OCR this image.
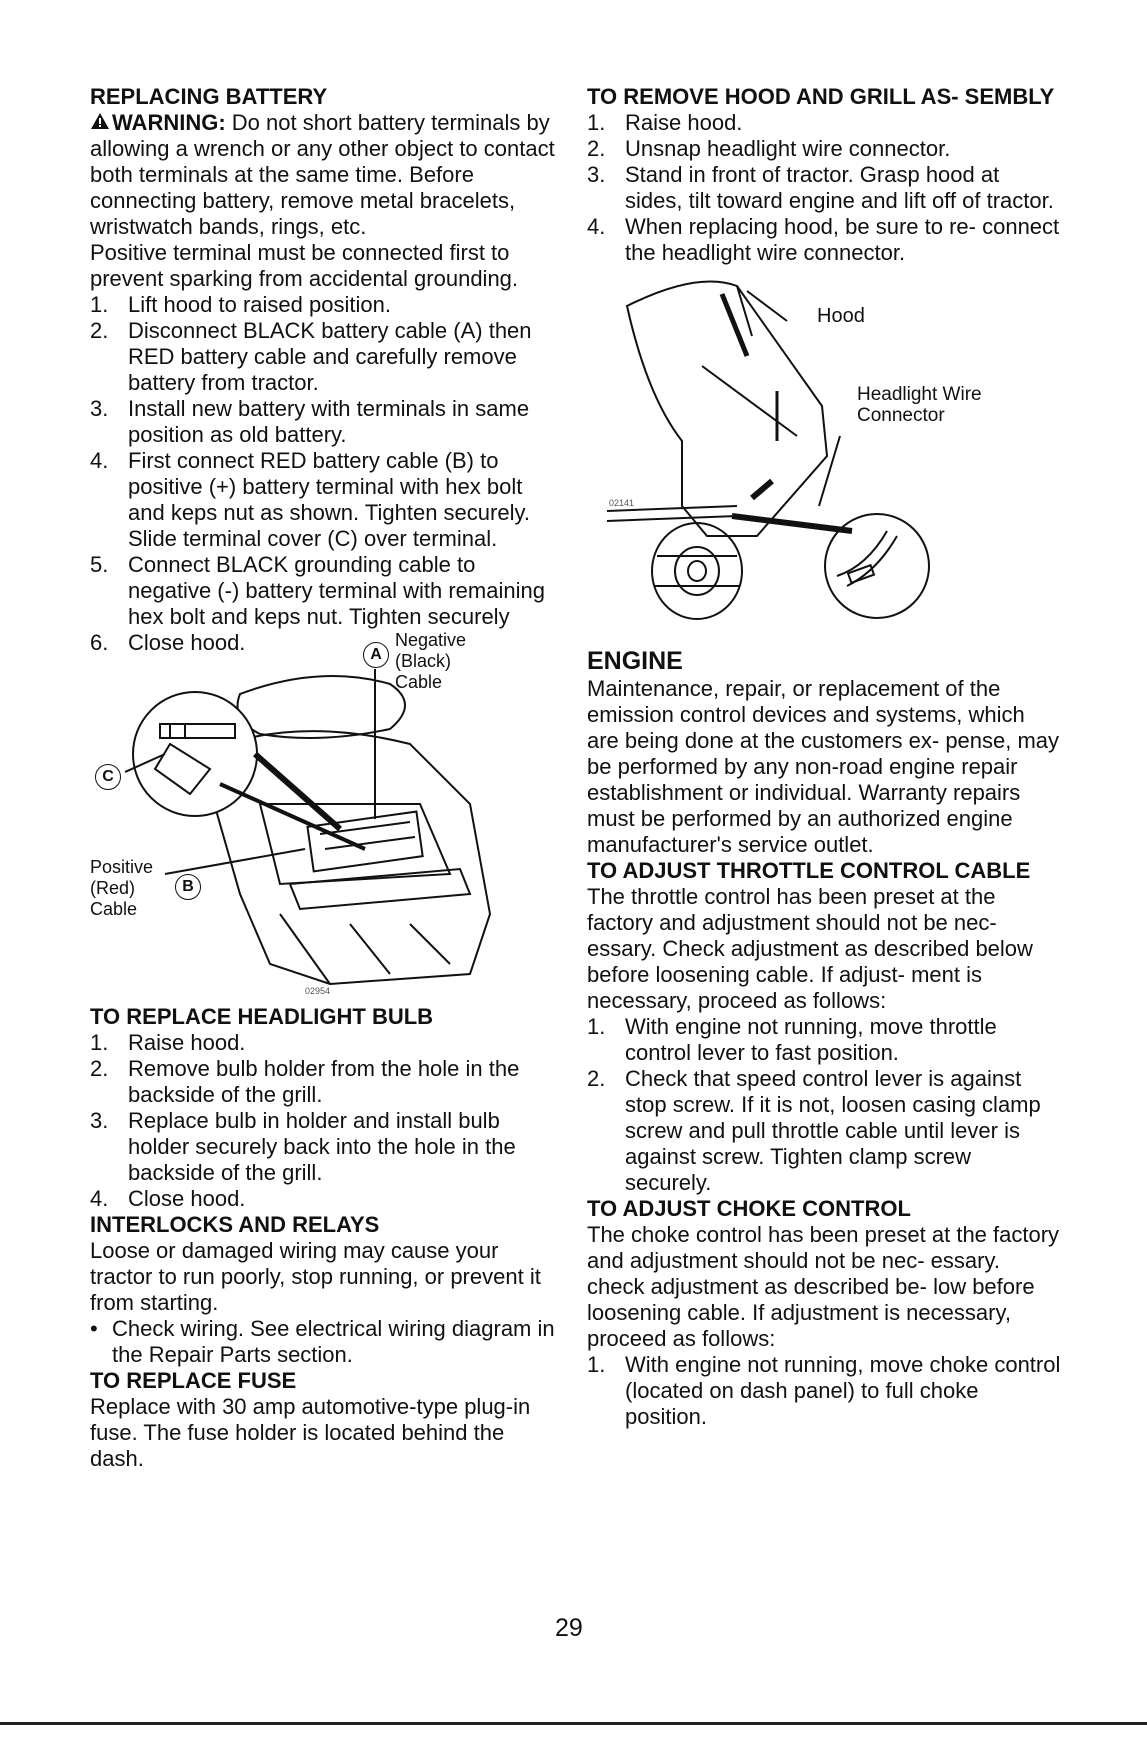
REPLACING BATTERY

WARNING: Do not short battery terminals by allowing a wrench or any other object to contact both terminals at the same time. Before connecting battery, remove metal bracelets, wristwatch bands, rings, etc.

Positive terminal must be connected first to prevent sparking from accidental grounding.

1. Lift hood to raised position.
2. Disconnect BLACK battery cable (A) then RED battery cable and carefully remove battery from tractor.
3. Install new battery with terminals in same position as old battery.
4. First connect RED battery cable (B) to positive (+) battery terminal with hex bolt and keps nut as shown. Tighten securely. Slide terminal cover (C) over terminal.
5. Connect BLACK grounding cable to negative (-) battery terminal with remaining hex bolt and keps nut. Tighten securely
6. Close hood.	A
Negative (Black) Cable
C
Positive (Red) Cable
B
02954
TO REPLACE HEADLIGHT BULB
1. Raise hood.
2. Remove bulb holder from the hole in the backside of the grill.
3. Replace bulb in holder and install bulb holder securely back into the hole in the backside of the grill.
4. Close hood.
INTERLOCKS AND RELAYS

Loose or damaged wiring may cause your tractor to run poorly, stop running, or prevent it from starting.

• Check wiring. See electrical wiring diagram in the Repair Parts section.
TO REPLACE FUSE

Replace with 30 amp automotive-type plug-in fuse. The fuse holder is located behind the dash.

TO REMOVE HOOD AND GRILL AS- SEMBLY
1. Raise hood.
2. Unsnap headlight wire connector.
3. Stand in front of tractor. Grasp hood at sides, tilt toward engine and lift off of tractor.
4. When replacing hood, be sure to re- connect the headlight wire connector.
Hood
Headlight Wire Connector
02141
ENGINE

Maintenance, repair, or replacement of the emission control devices and systems, which are being done at the customers ex- pense, may be performed by any non-road engine repair establishment or individual. Warranty repairs must be performed by an authorized engine manufacturer's service outlet.

TO ADJUST THROTTLE CONTROL CABLE

The throttle control has been preset at the factory and adjustment should not be nec- essary. Check adjustment as described below before loosening cable. If adjust- ment is necessary, proceed as follows:

1. With engine not running, move throttle control lever to fast position.
2. Check that speed control lever is against stop screw. If it is not, loosen casing clamp screw and pull throttle cable until lever is against screw. Tighten clamp screw securely.
TO ADJUST CHOKE CONTROL

The choke control has been preset at the factory and adjustment should not be nec- essary. check adjustment as described be- low before loosening cable. If adjustment is necessary, proceed as follows:

1. With engine not running, move choke control (located on dash panel) to full choke position.
29
